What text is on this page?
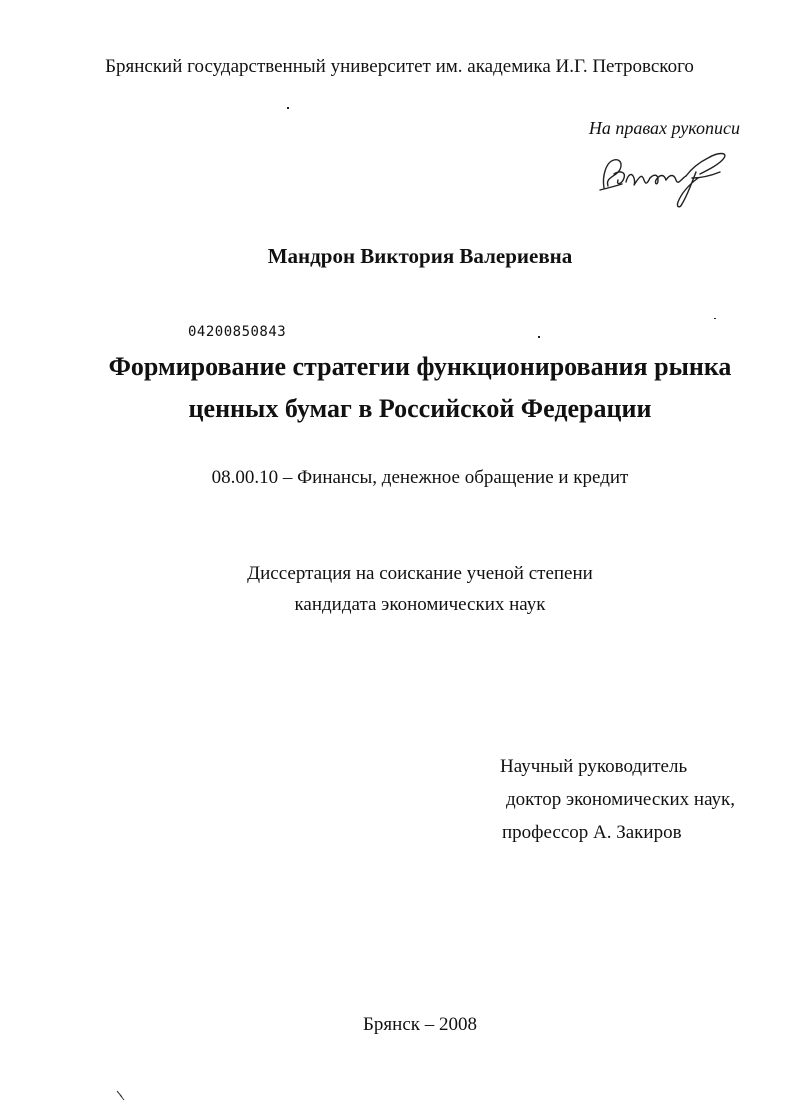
Брянский государственный университет им. академика И.Г. Петровского
На правах рукописи
Мандрон Виктория Валериевна
04200850843
Формирование стратегии функционирования рынка
ценных бумаг в Российской Федерации
08.00.10 – Финансы, денежное обращение и кредит
Диссертация на соискание ученой степени
кандидата экономических наук
Научный руководитель
доктор экономических наук,
профессор А. Закиров
Брянск – 2008
